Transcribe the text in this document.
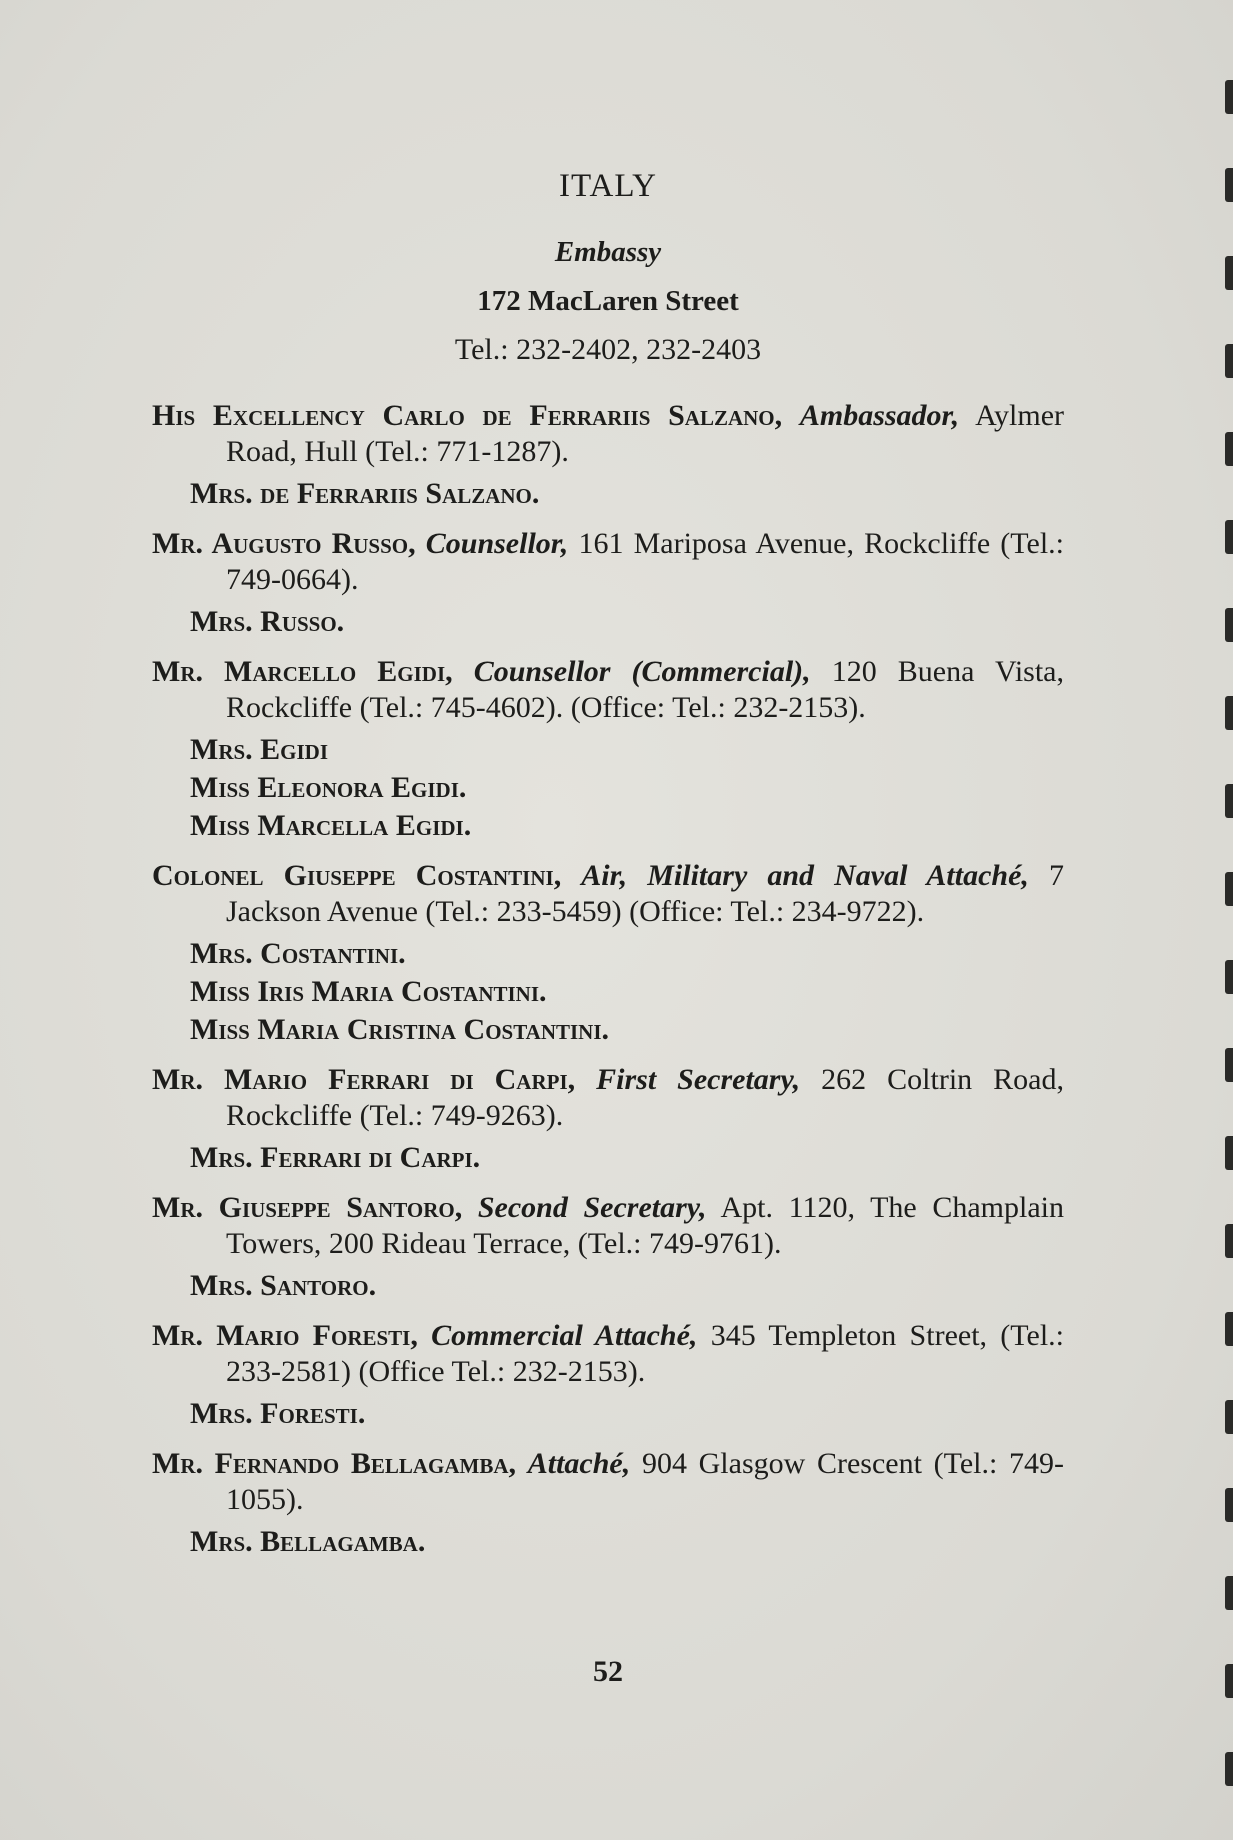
ITALY
Embassy
172 MacLaren Street
Tel.: 232-2402, 232-2403
His Excellency Carlo de Ferrariis Salzano, Ambassador, Aylmer Road, Hull (Tel.: 771-1287).
Mrs. de Ferrariis Salzano.
Mr. Augusto Russo, Counsellor, 161 Mariposa Avenue, Rockcliffe (Tel.: 749-0664).
Mrs. Russo.
Mr. Marcello Egidi, Counsellor (Commercial), 120 Buena Vista, Rockcliffe (Tel.: 745-4602). (Office: Tel.: 232-2153).
Mrs. Egidi
Miss Eleonora Egidi.
Miss Marcella Egidi.
Colonel Giuseppe Costantini, Air, Military and Naval Attaché, 7 Jackson Avenue (Tel.: 233-5459) (Office: Tel.: 234-9722).
Mrs. Costantini.
Miss Iris Maria Costantini.
Miss Maria Cristina Costantini.
Mr. Mario Ferrari di Carpi, First Secretary, 262 Coltrin Road, Rockcliffe (Tel.: 749-9263).
Mrs. Ferrari di Carpi.
Mr. Giuseppe Santoro, Second Secretary, Apt. 1120, The Champlain Towers, 200 Rideau Terrace, (Tel.: 749-9761).
Mrs. Santoro.
Mr. Mario Foresti, Commercial Attaché, 345 Templeton Street, (Tel.: 233-2581) (Office Tel.: 232-2153).
Mrs. Foresti.
Mr. Fernando Bellagamba, Attaché, 904 Glasgow Crescent (Tel.: 749-1055).
Mrs. Bellagamba.
52
